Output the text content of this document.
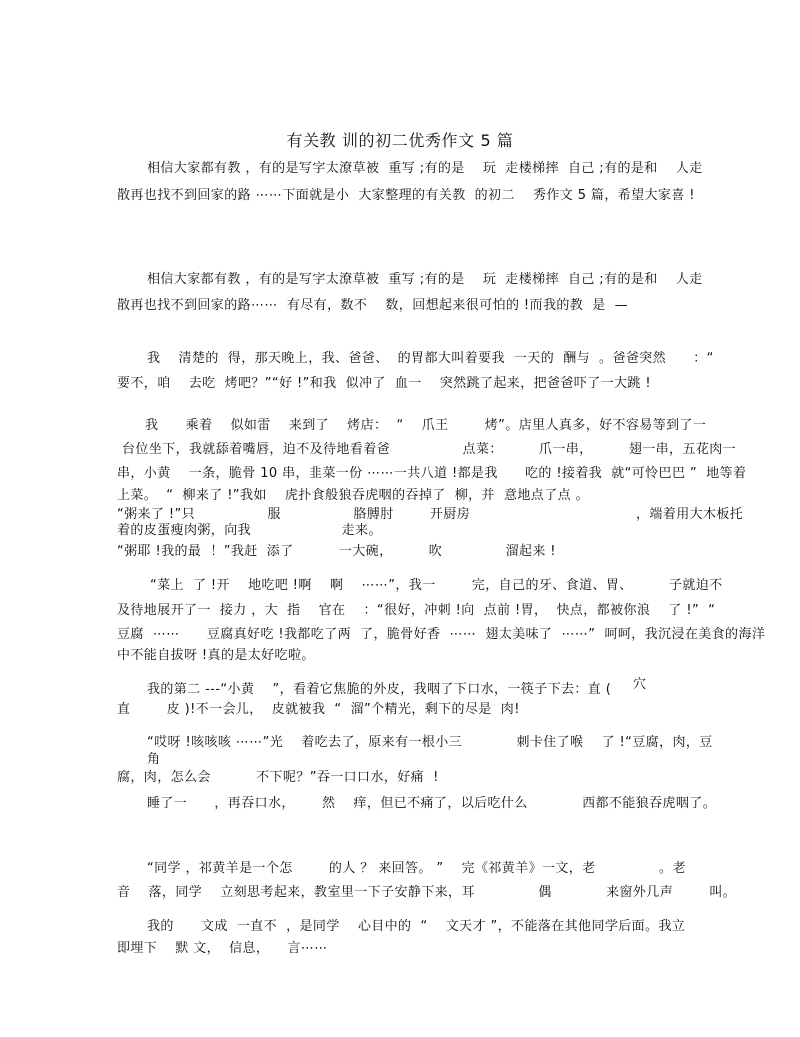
有关教 训的初二优秀作文 5 篇
相信大家都有教 ，有的是写字太潦草被  重写 ;有的是    玩  走楼梯摔  自己 ;有的是和    人走
散再也找不到回家的路 ⋯⋯下面就是小  大家整理的有关教  的初二    秀作文 5 篇，希望大家喜 !
相信大家都有教 ，有的是写字太潦草被  重写 ;有的是    玩  走楼梯摔  自己 ;有的是和    人走
散再也找不到回家的路⋯⋯  有尽有，数不    数，回想起来很可怕的 !而我的教  是  —
我    清楚的  得，那天晚上，我、爸爸、  的胃都大叫着要我  一天的  酬与  。爸爸突然      ：“
要不，咱    去吃  烤吧？”“好 !”和我  似冲了  血一    突然跳了起来，把爸爸吓了一大跳 !
我      乘着    似如雷    来到了    烤店：  “    爪王        烤”。店里人真多，好不容易等到了一
台位坐下，我就舔着嘴唇，迫不及待地看着爸                点菜：        爪一串，        翅一串，五花肉一
串，小黄    一条，脆骨 10 串，韭菜一份 ⋯⋯一共八道 !都是我      吃的 !接着我  就“可怜巴巴 ”  地等着
上菜。  “  柳来了 !”我如    虎扑食般狼吞虎咽的吞掉了  柳，并  意地点了点 。
“粥来了 !”只                服                胳膊肘        开厨房	，端着用大木板托
着的皮蛋瘦肉粥，向我                    走来。
“粥耶 !我的最  ！”我赶  添了          一大碗，        吹              溜起来 !
“菜上  了 !开    地吃吧 !啊    啊    ⋯⋯”，我一        完，自己的牙、食道、胃、        子就迫不
及待地展开了一  接力 ，大  指    官在    ：“很好，冲刺 !向  点前 !胃，  快点，都被你浪    了 !”  “
豆腐  ⋯⋯      豆腐真好吃 !我都吃了两  了，脆骨好香  ⋯⋯  翅太美味了  ⋯⋯”  呵呵，我沉浸在美食的海洋
中不能自拔呀 !真的是太好吃啦。
我的第二 ---“小黄    ”，看着它焦脆的外皮，我咽了下口水，一筷子下去：直 ( 穴
直        皮 )!不一会儿，  皮就被我  “  溜”个精光，剩下的尽是  肉!
“哎呀 !咳咳咳 ⋯⋯”光    着吃去了，原来有一根小三            刺卡住了喉    了 !“豆腐，肉，豆
角
腐，肉，怎么会          不下呢？”吞一口口水，好痛  !
睡了一      ，再吞口水，      然    痒，但已不痛了，以后吃什么            西都不能狼吞虎咽了。
“同学 ，祁黄羊是一个怎        的人 ？ 来回答。 ”    完《祁黄羊》一文，老              。老
音    落，同学    立刻思考起来，教室里一下子安静下来，耳              偶            来窗外几声        叫。
我的      文成  一直不  ，是同学    心目中的  “    文天才 ”，不能落在其他同学后面。我立
即埋下    默 文，  信息，    言⋯⋯
